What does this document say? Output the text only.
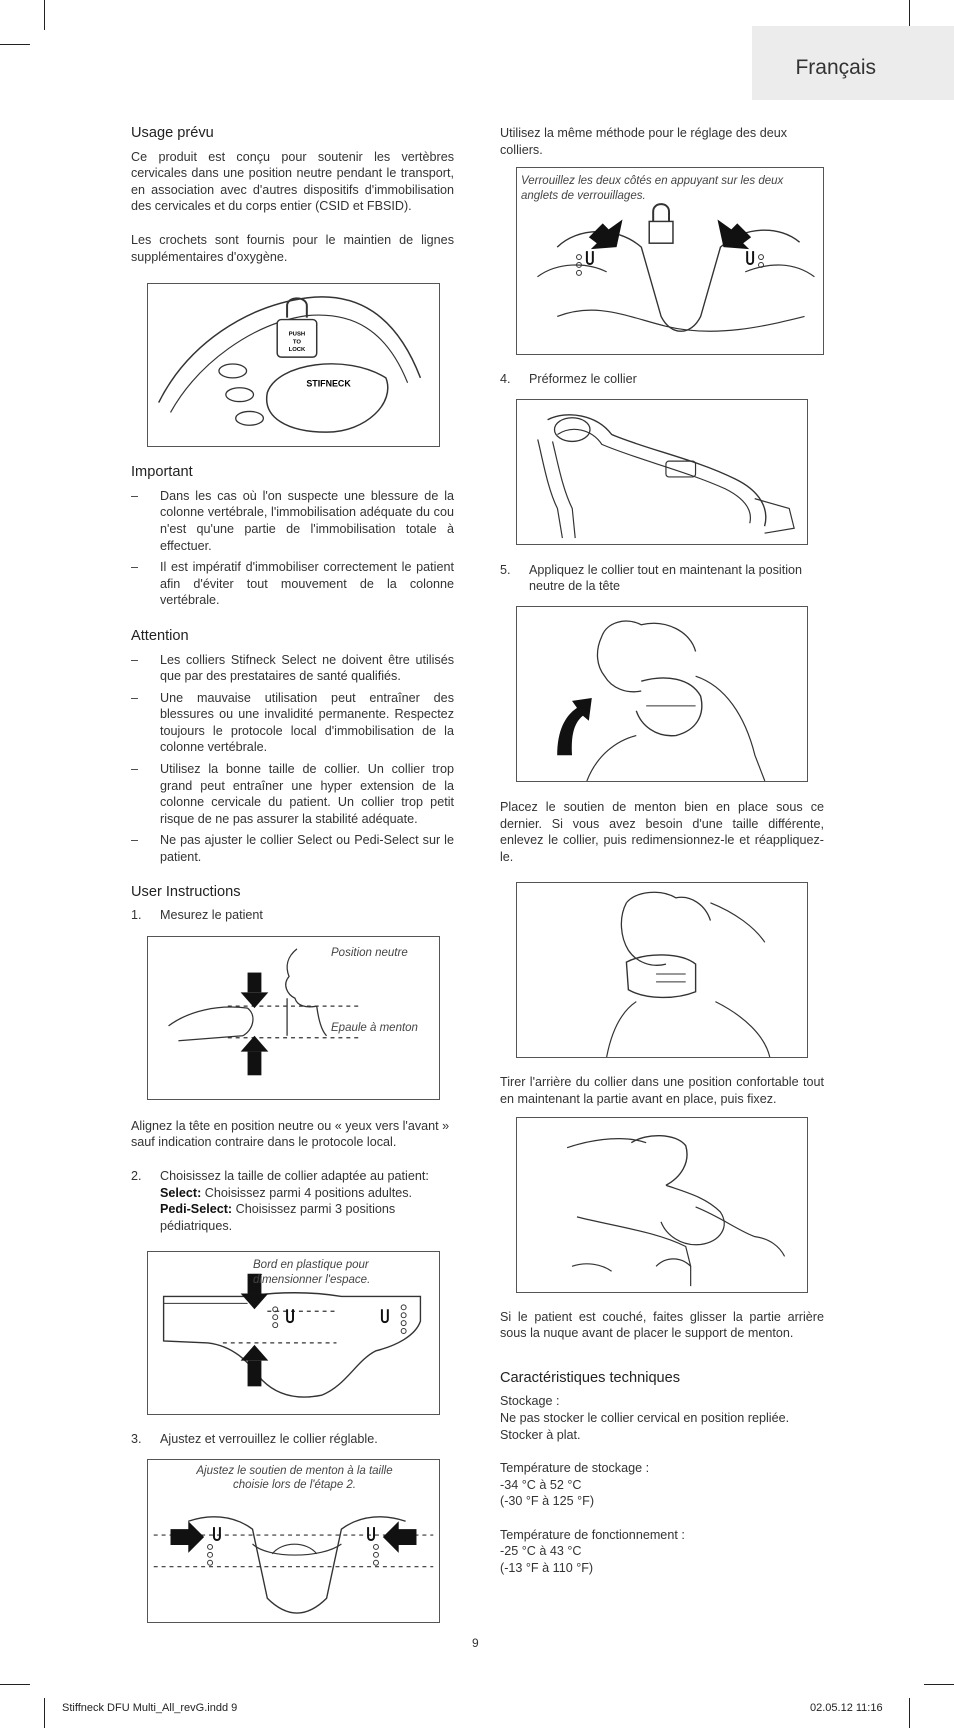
Français
Usage prévu

Ce produit est conçu pour soutenir les vertèbres cervicales dans une position neutre pendant le transport, en association avec d'autres dispositifs d'immobilisation des cervicales et du corps entier (CSID et FBSID).

Les crochets sont fournis pour le maintien de lignes supplémentaires d'oxygène.

PUSH
TO
LOCK
STIFNECK
Important

– Dans les cas où l'on suspecte une blessure de la colonne vertébrale, l'immobilisation adéquate du cou n'est qu'une partie de l'immobilisation totale à effectuer.

– Il est impératif d'immobiliser correctement le patient afin d'éviter tout mouvement de la colonne vertébrale.

Attention

– Les colliers Stifneck Select ne doivent être utilisés que par des prestataires de santé qualifiés.

– Une mauvaise utilisation peut entraîner des blessures ou une invalidité permanente. Respectez toujours le protocole local d'immobilisation de la colonne vertébrale.

– Utilisez la bonne taille de collier. Un collier trop grand peut entraîner une hyper extension de la colonne cervicale du patient. Un collier trop petit risque de ne pas assurer la stabilité adéquate.

– Ne pas ajuster le collier Select ou Pedi-Select sur le patient.

User Instructions

1. Mesurez le patient

Position neutre
Epaule à menton

Alignez la tête en position neutre ou « yeux vers l'avant » sauf indication contraire dans le protocole local.

2. Choisissez la taille de collier adaptée au patient:
Select: Choisissez parmi 4 positions adultes.
Pedi-Select: Choisissez parmi 3 positions pédiatriques.
Bord en plastique pour
dimensionner l'espace.

3. Ajustez et verrouillez le collier réglable.

Ajustez le soutien de menton à la taille
choisie lors de l'étape 2.

Utilisez la même méthode pour le réglage des deux colliers.

Verrouillez les deux côtés en appuyant sur les deux anglets de verrouillages.

4. Préformez le collier

5. Appliquez le collier tout en maintenant la position neutre de la tête

Placez le soutien de menton bien en place sous ce dernier. Si vous avez besoin d'une taille différente, enlevez le collier, puis redimensionnez-le et réappliquez-le.

Tirer l'arrière du collier dans une position confortable tout en maintenant la partie avant en place, puis fixez.

Si le patient est couché, faites glisser la partie arrière sous la nuque avant de placer le support de menton.

Caractéristiques techniques

Stockage :

Ne pas stocker le collier cervical en position repliée.

Stocker à plat.

Température de stockage :

-34 °C à 52 °C

(-30 °F à 125 °F)

Température de fonctionnement :

-25 °C à 43 °C

(-13 °F à 110 °F)

9
Stiffneck DFU Multi_All_revG.indd 9	02.05.12 11:16
